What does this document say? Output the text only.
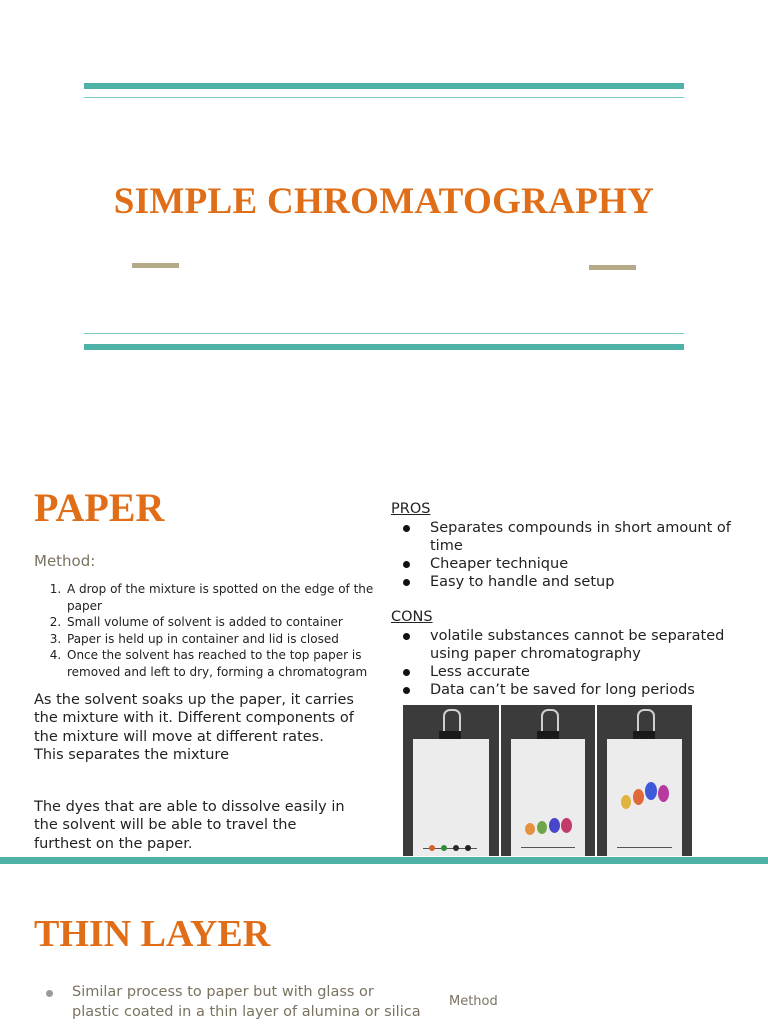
SIMPLE CHROMATOGRAPHY
PAPER
Method:
1. A drop of the mixture is spotted on the edge of the paper
2. Small volume of solvent is added to container
3. Paper is held up in container and lid is closed
4. Once the solvent has reached to the top paper is removed and left to dry, forming a chromatogram
As the solvent soaks up the paper, it carries the mixture with it. Different components of the mixture will move at different rates. This separates the mixture
The dyes that are able to dissolve easily in the solvent will be able to travel the furthest on the paper.
PROS
Separates compounds in short amount of time
Cheaper technique
Easy to handle and setup
CONS
volatile substances cannot be separated using paper chromatography
Less accurate
Data can’t be saved for long periods
THIN LAYER
Similar process to paper but with glass or plastic coated in a thin layer of alumina or silica
Method
